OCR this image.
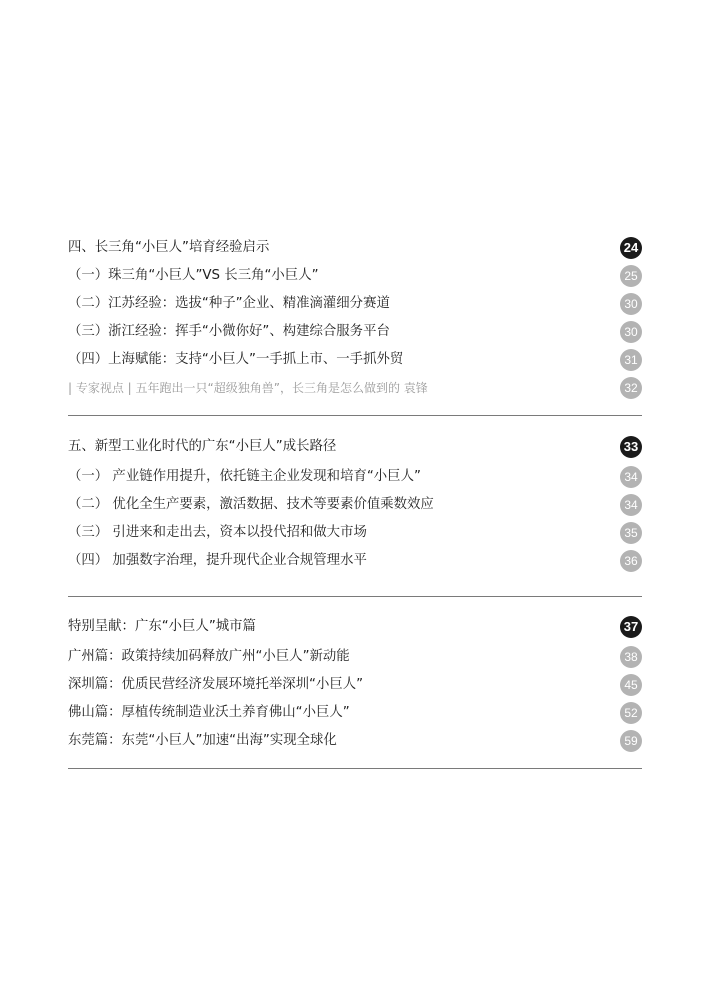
四、长三角“小巨人”培育经验启示	24
（一）珠三角“小巨人”VS 长三角“小巨人”	25
（二）江苏经验：选拔“种子”企业、精准滴灌细分赛道	30
（三）浙江经验：挥手“小微你好”、构建综合服务平台	30
（四）上海赋能：支持“小巨人”一手抓上市、一手抓外贸	31
| 专家视点 | 五年跑出一只“超级独角兽”，长三角是怎么做到的 袁锋	32
五、新型工业化时代的广东“小巨人”成长路径	33
（一） 产业链作用提升，依托链主企业发现和培育“小巨人”	34
（二） 优化全生产要素，激活数据、技术等要素价值乘数效应	34
（三） 引进来和走出去，资本以投代招和做大市场	35
（四） 加强数字治理，提升现代企业合规管理水平	36
特别呈献：广东“小巨人”城市篇	37
广州篇：政策持续加码释放广州“小巨人”新动能	38
深圳篇：优质民营经济发展环境托举深圳“小巨人”	45
佛山篇：厚植传统制造业沃土养育佛山“小巨人”	52
东莞篇：东莞“小巨人”加速“出海”实现全球化	59
